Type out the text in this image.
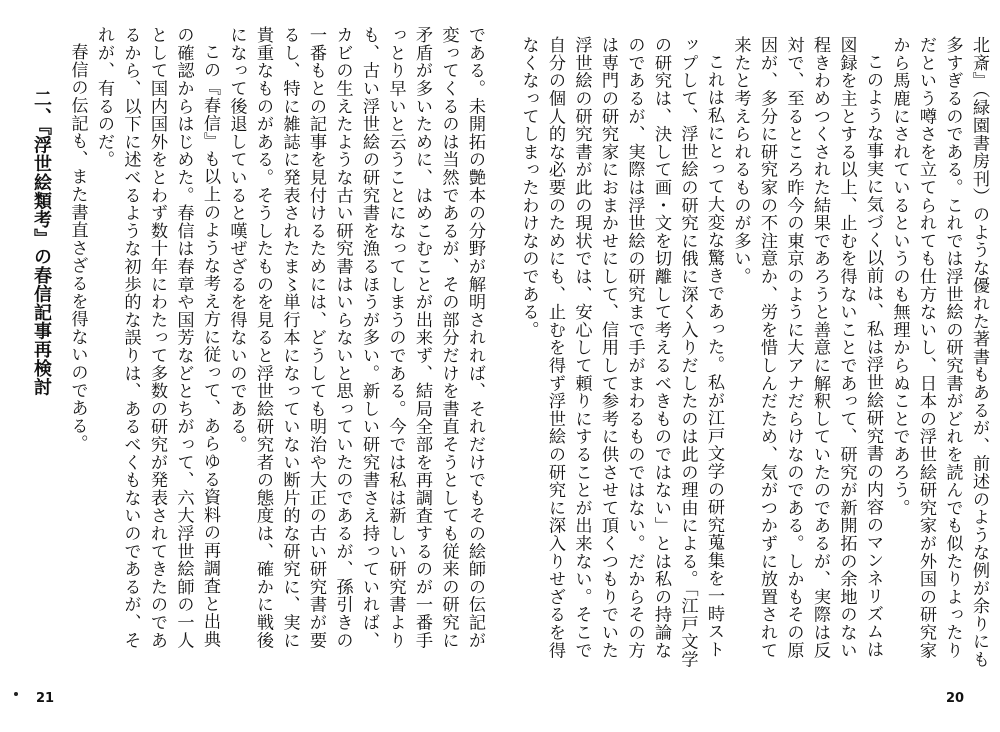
である。未開拓の艶本の分野が解明されれば、それだけでもその絵師の伝記が変ってくるのは当然であるが、その部分だけを書直そうとしても従来の研究に矛盾が多いために、はめこむことが出来ず、結局全部を再調査するのが一番手っとり早いと云うことになってしまうのである。今では私は新しい研究書よりも、古い浮世絵の研究書を漁るほうが多い。新しい研究書さえ持っていれば、カビの生えたような古い研究書はいらないと思っていたのであるが、孫引きの一番もとの記事を見付けるためには、どうしても明治や大正の古い研究書が要るし、特に雑誌に発表されたま〻単行本になっていない断片的な研究に、実に貴重なものがある。そうしたものを見ると浮世絵研究者の態度は、確かに戦後になって後退していると嘆ぜざるを得ないのである。

この『春信』も以上のような考え方に従って、あらゆる資料の再調査と出典の確認からはじめた。春信は春章や国芳などとちがって、六大浮世絵師の一人として国内国外をとわず数十年にわたって多数の研究が発表されてきたのであるから、以下に述べるような初歩的な誤りは、あるべくもないのであるが、それが、有るのだ。

春信の伝記も、また書直さざるを得ないのである。

二、『浮世絵類考』の春信記事再検討

21

北斎』（緑園書房刊）のような優れた著書もあるが、前述のような例が余りにも多すぎるのである。これでは浮世絵の研究書がどれを読んでも似たりよったりだという噂さを立てられても仕方ないし、日本の浮世絵研究家が外国の研究家から馬鹿にされているというのも無理からぬことであろう。

このような事実に気づく以前は、私は浮世絵研究書の内容のマンネリズムは図録を主とする以上、止むを得ないことであって、研究が新開拓の余地のない程きわめつくされた結果であろうと善意に解釈していたのであるが、実際は反対で、至るところ昨今の東京のように大アナだらけなのである。しかもその原因が、多分に研究家の不注意か、労を惜しんだため、気がつかずに放置されて来たと考えられるものが多い。

これは私にとって大変な驚きであった。私が江戸文学の研究蒐集を一時ストップして、浮世絵の研究に俄に深く入りだしたのは此の理由による。「江戸文学の研究は、決して画・文を切離して考えるべきものではない」とは私の持論なのであるが、実際は浮世絵の研究まで手がまわるものではない。だからその方は専門の研究家におまかせにして、信用して参考に供させて頂くつもりでいた浮世絵の研究書が此の現状では、安心して頼りにすることが出来ない。そこで自分の個人的な必要のためにも、止むを得ず浮世絵の研究に深入りせざるを得なくなってしまったわけなのである。

20
